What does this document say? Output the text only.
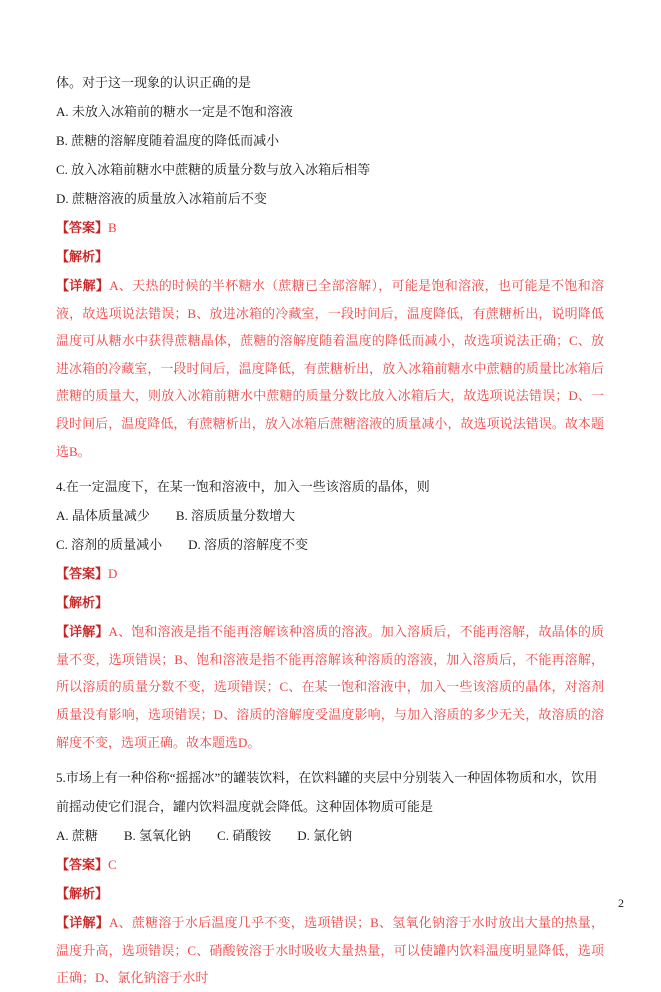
体。对于这一现象的认识正确的是

A. 未放入冰箱前的糖水一定是不饱和溶液

B. 蔗糖的溶解度随着温度的降低而减小

C. 放入冰箱前糖水中蔗糖的质量分数与放入冰箱后相等

D. 蔗糖溶液的质量放入冰箱前后不变

【答案】B

【解析】

【详解】A、天热的时候的半杯糖水（蔗糖已全部溶解），可能是饱和溶液，也可能是不饱和溶液，故选项说法错误；B、放进冰箱的冷藏室，一段时间后，温度降低，有蔗糖析出，说明降低温度可从糖水中获得蔗糖晶体，蔗糖的溶解度随着温度的降低而减小，故选项说法正确；C、放进冰箱的冷藏室，一段时间后，温度降低，有蔗糖析出，放入冰箱前糖水中蔗糖的质量比冰箱后蔗糖的质量大，则放入冰箱前糖水中蔗糖的质量分数比放入冰箱后大，故选项说法错误；D、一段时间后，温度降低，有蔗糖析出，放入冰箱后蔗糖溶液的质量减小，故选项说法错误。故本题选B。

4.在一定温度下，在某一饱和溶液中，加入一些该溶质的晶体，则

A. 晶体质量减少　　B. 溶质质量分数增大

C. 溶剂的质量减小　　D. 溶质的溶解度不变

【答案】D

【解析】

【详解】A、饱和溶液是指不能再溶解该种溶质的溶液。加入溶质后，不能再溶解，故晶体的质量不变，选项错误；B、饱和溶液是指不能再溶解该种溶质的溶液，加入溶质后，不能再溶解，所以溶质的质量分数不变，选项错误；C、在某一饱和溶液中，加入一些该溶质的晶体，对溶剂质量没有影响，选项错误；D、溶质的溶解度受温度影响，与加入溶质的多少无关，故溶质的溶解度不变，选项正确。故本题选D。

5.市场上有一种俗称“摇摇冰”的罐装饮料，在饮料罐的夹层中分别装入一种固体物质和水，饮用前摇动使它们混合，罐内饮料温度就会降低。这种固体物质可能是

A. 蔗糖　　B. 氢氧化钠　　C. 硝酸铵　　D. 氯化钠

【答案】C

【解析】

【详解】A、蔗糖溶于水后温度几乎不变，选项错误；B、氢氧化钠溶于水时放出大量的热量，温度升高，选项错误；C、硝酸铵溶于水时吸收大量热量，可以使罐内饮料温度明显降低，选项正确；D、氯化钠溶于水时

2
